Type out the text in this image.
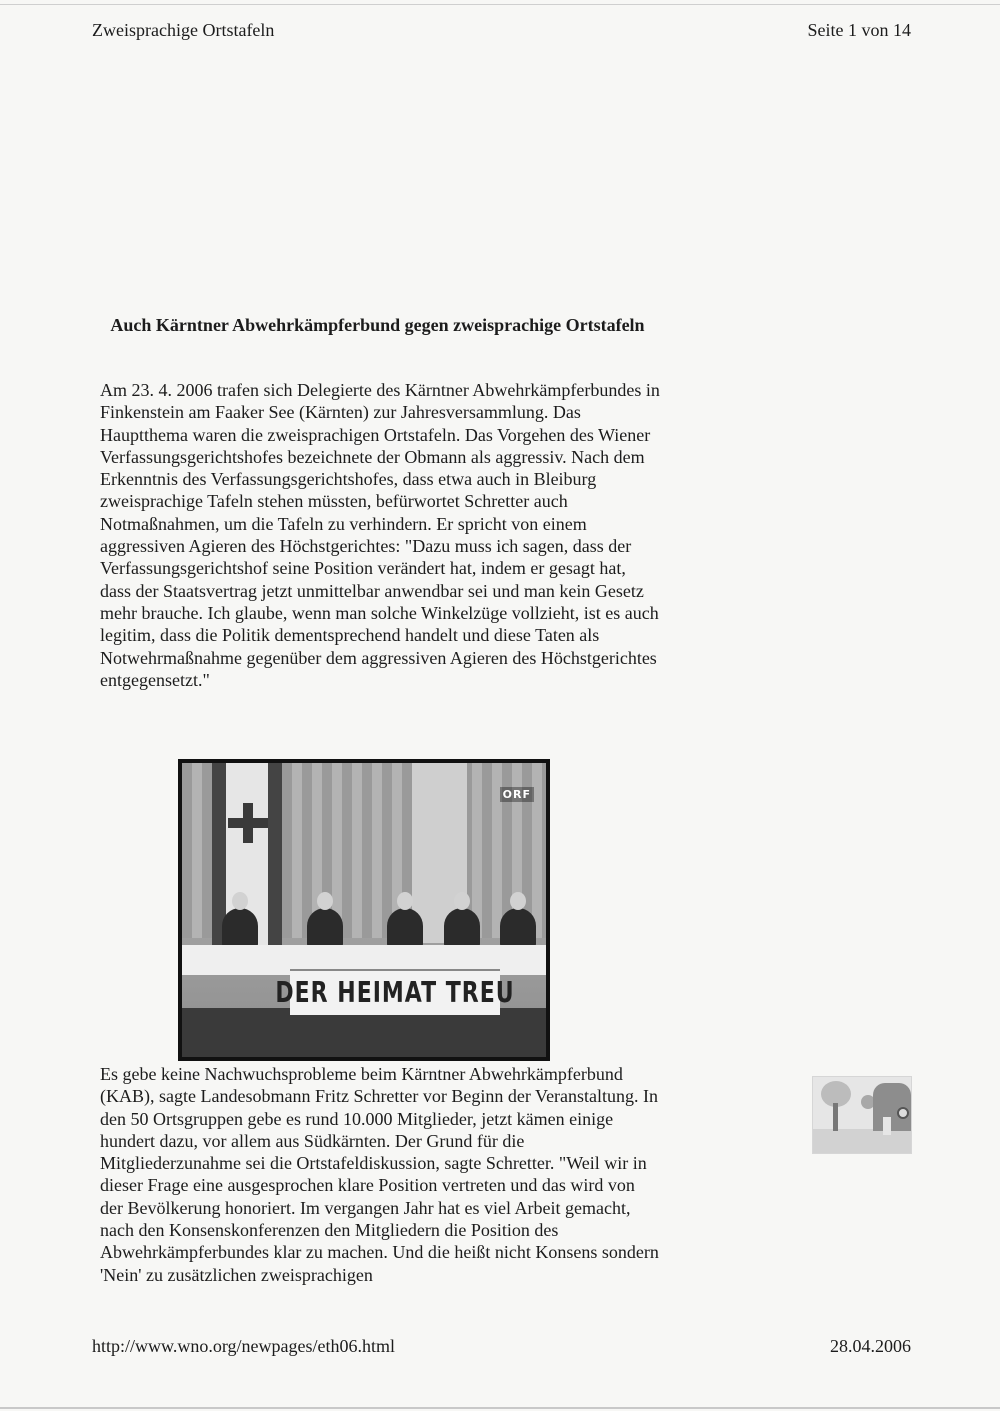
Zweisprachige Ortstafeln	Seite 1 von 14
Auch Kärntner Abwehrkämpferbund gegen zweisprachige Ortstafeln

Am 23. 4. 2006 trafen sich Delegierte des Kärntner Abwehrkämpferbundes in Finkenstein am Faaker See (Kärnten) zur Jahresversammlung. Das Hauptthema waren die zweisprachigen Ortstafeln. Das Vorgehen des Wiener Verfassungsgerichtshofes bezeichnete der Obmann als aggressiv. Nach dem Erkenntnis des Verfassungsgerichtshofes, dass etwa auch in Bleiburg zweisprachige Tafeln stehen müssten, befürwortet Schretter auch Notmaßnahmen, um die Tafeln zu verhindern. Er spricht von einem aggressiven Agieren des Höchstgerichtes: "Dazu muss ich sagen, dass der Verfassungsgerichtshof seine Position verändert hat, indem er gesagt hat, dass der Staatsvertrag jetzt unmittelbar anwendbar sei und man kein Gesetz mehr brauche. Ich glaube, wenn man solche Winkelzüge vollzieht, ist es auch legitim, dass die Politik dementsprechend handelt und diese Taten als Notwehrmaßnahme gegenüber dem aggressiven Agieren des Höchstgerichtes entgegensetzt."

ORF
DER HEIMAT TREU

Es gebe keine Nachwuchsprobleme beim Kärntner Abwehrkämpferbund (KAB), sagte Landesobmann Fritz Schretter vor Beginn der Veranstaltung. In den 50 Ortsgruppen gebe es rund 10.000 Mitglieder, jetzt kämen einige hundert dazu, vor allem aus Südkärnten. Der Grund für die Mitgliederzunahme sei die Ortstafeldiskussion, sagte Schretter. "Weil wir in dieser Frage eine ausgesprochen klare Position vertreten und das wird von der Bevölkerung honoriert. Im vergangen Jahr hat es viel Arbeit gemacht, nach den Konsenskonferenzen den Mitgliedern die Position des Abwehrkämpferbundes klar zu machen. Und die heißt nicht Konsens sondern 'Nein' zu zusätzlichen zweisprachigen

http://www.wno.org/newpages/eth06.html	28.04.2006
